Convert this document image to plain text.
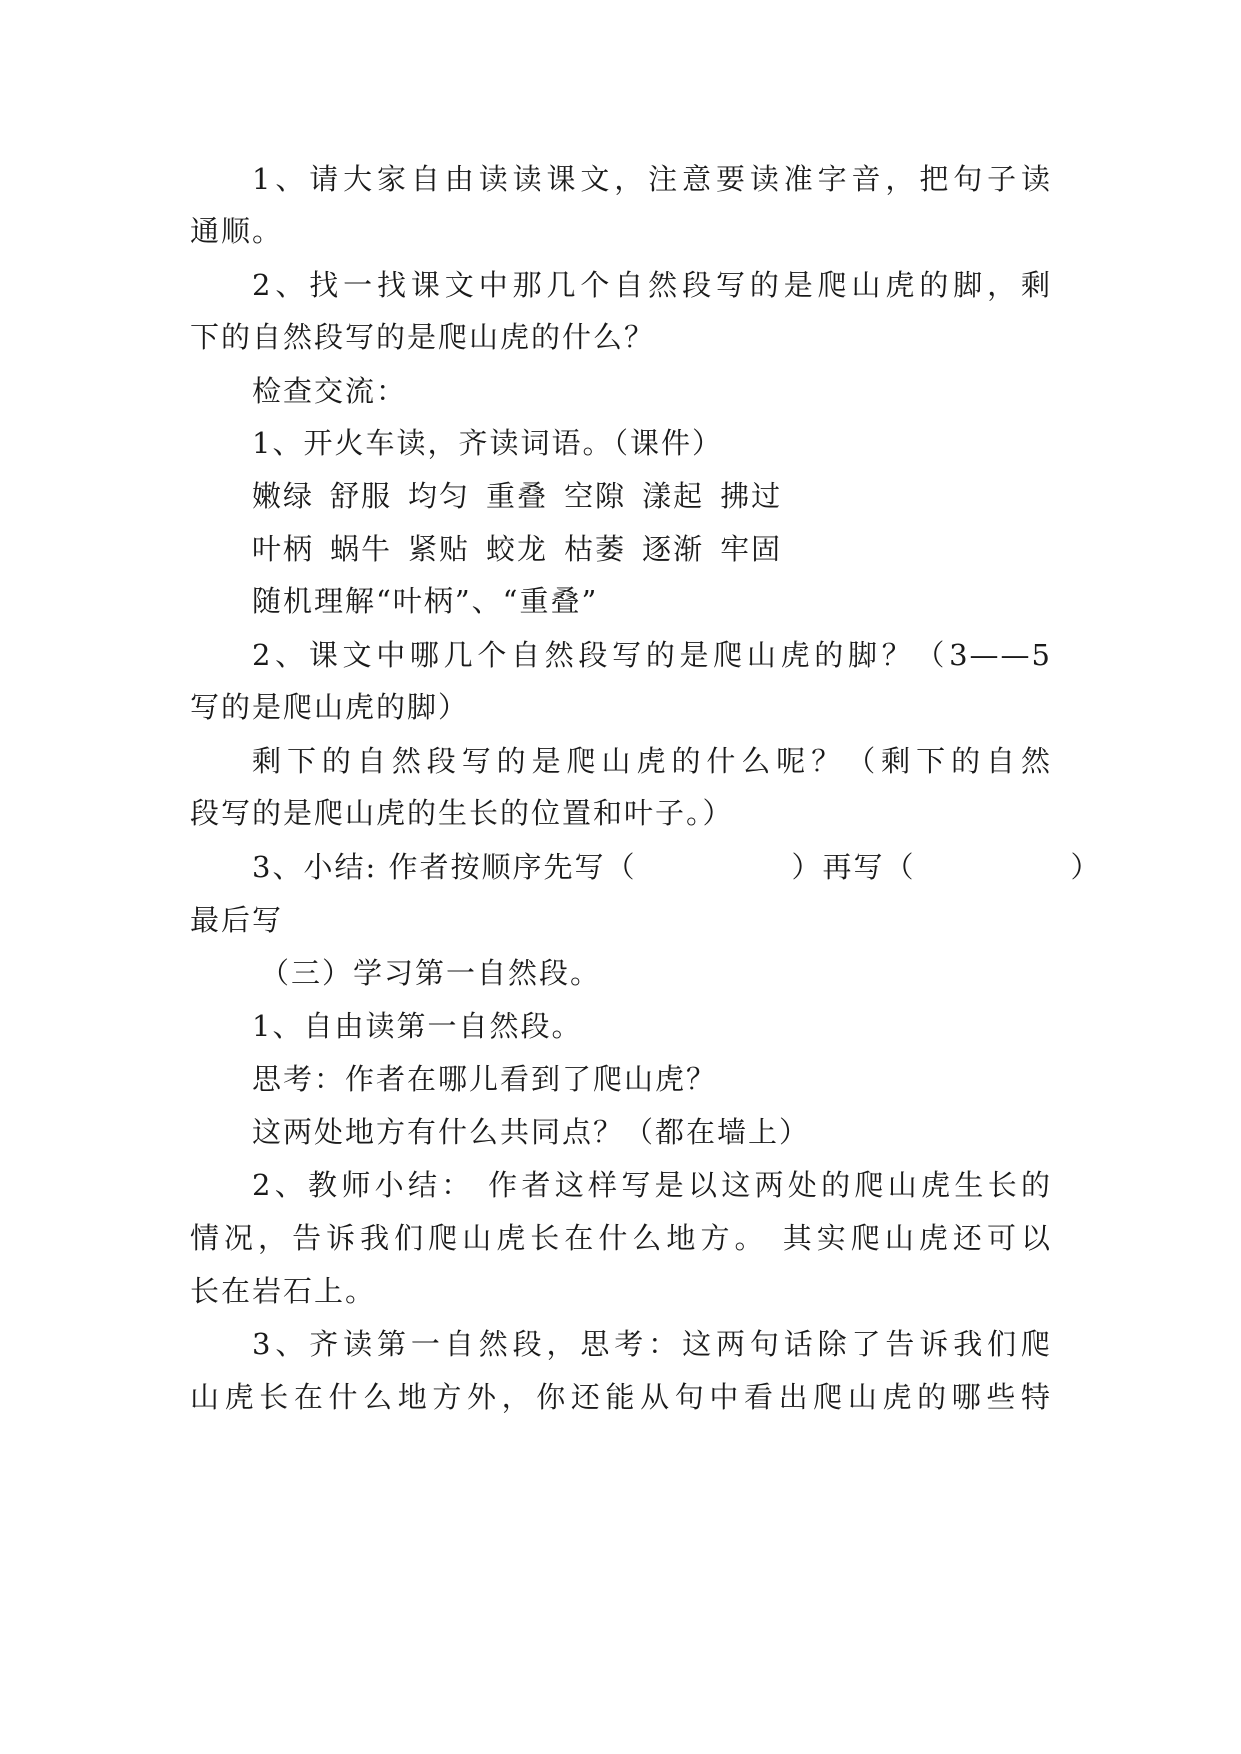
1、请大家自由读读课文，注意要读准字音，把句子读
通顺。
2、找一找课文中那几个自然段写的是爬山虎的脚，剩
下的自然段写的是爬山虎的什么？
检查交流：
1、开火车读，齐读词语。（课件）
嫩绿 舒服 均匀 重叠 空隙 漾起 拂过
叶柄 蜗牛 紧贴 蛟龙 枯萎 逐渐 牢固
随机理解“叶柄”、“重叠”
2、课文中哪几个自然段写的是爬山虎的脚？（3——5
写的是爬山虎的脚）
剩下的自然段写的是爬山虎的什么呢？（剩下的自然
段写的是爬山虎的生长的位置和叶子。）
3、小结: 作者按顺序先写（　　　　　）再写（　　　　　）
最后写
（三）学习第一自然段。
1、自由读第一自然段。
思考：作者在哪儿看到了爬山虎？
这两处地方有什么共同点？（都在墙上）
2、教师小结： 作者这样写是以这两处的爬山虎生长的
情况，告诉我们爬山虎长在什么地方。 其实爬山虎还可以
长在岩石上。
3、齐读第一自然段，思考：这两句话除了告诉我们爬
山虎长在什么地方外，你还能从句中看出爬山虎的哪些特
